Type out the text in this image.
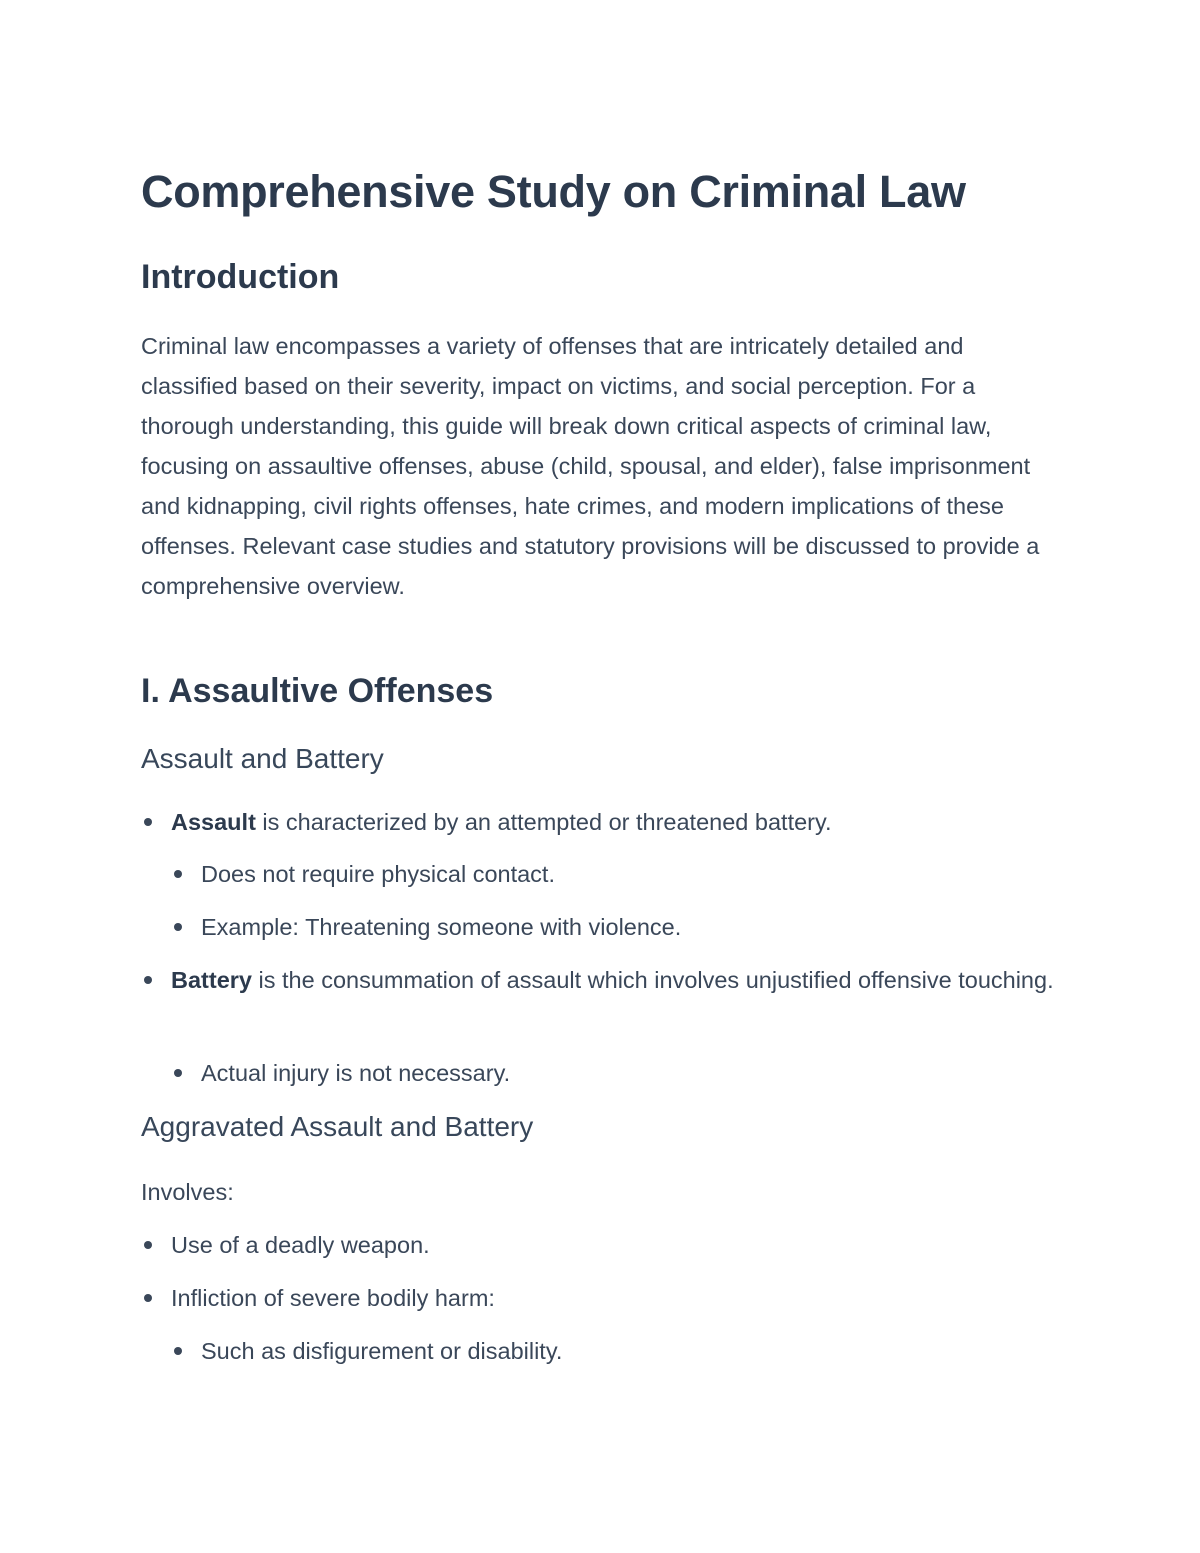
Comprehensive Study on Criminal Law
Introduction

Criminal law encompasses a variety of offenses that are intricately detailed and classified based on their severity, impact on victims, and social perception. For a thorough understanding, this guide will break down critical aspects of criminal law, focusing on assaultive offenses, abuse (child, spousal, and elder), false imprisonment and kidnapping, civil rights offenses, hate crimes, and modern implications of these offenses. Relevant case studies and statutory provisions will be discussed to provide a comprehensive overview.

I. Assaultive Offenses
Assault and Battery
Assault is characterized by an attempted or threatened battery.
Does not require physical contact.
Example: Threatening someone with violence.
Battery is the consummation of assault which involves unjustified offensive touching.
Actual injury is not necessary.
Aggravated Assault and Battery

Involves:

Use of a deadly weapon.
Infliction of severe bodily harm:
Such as disfigurement or disability.
